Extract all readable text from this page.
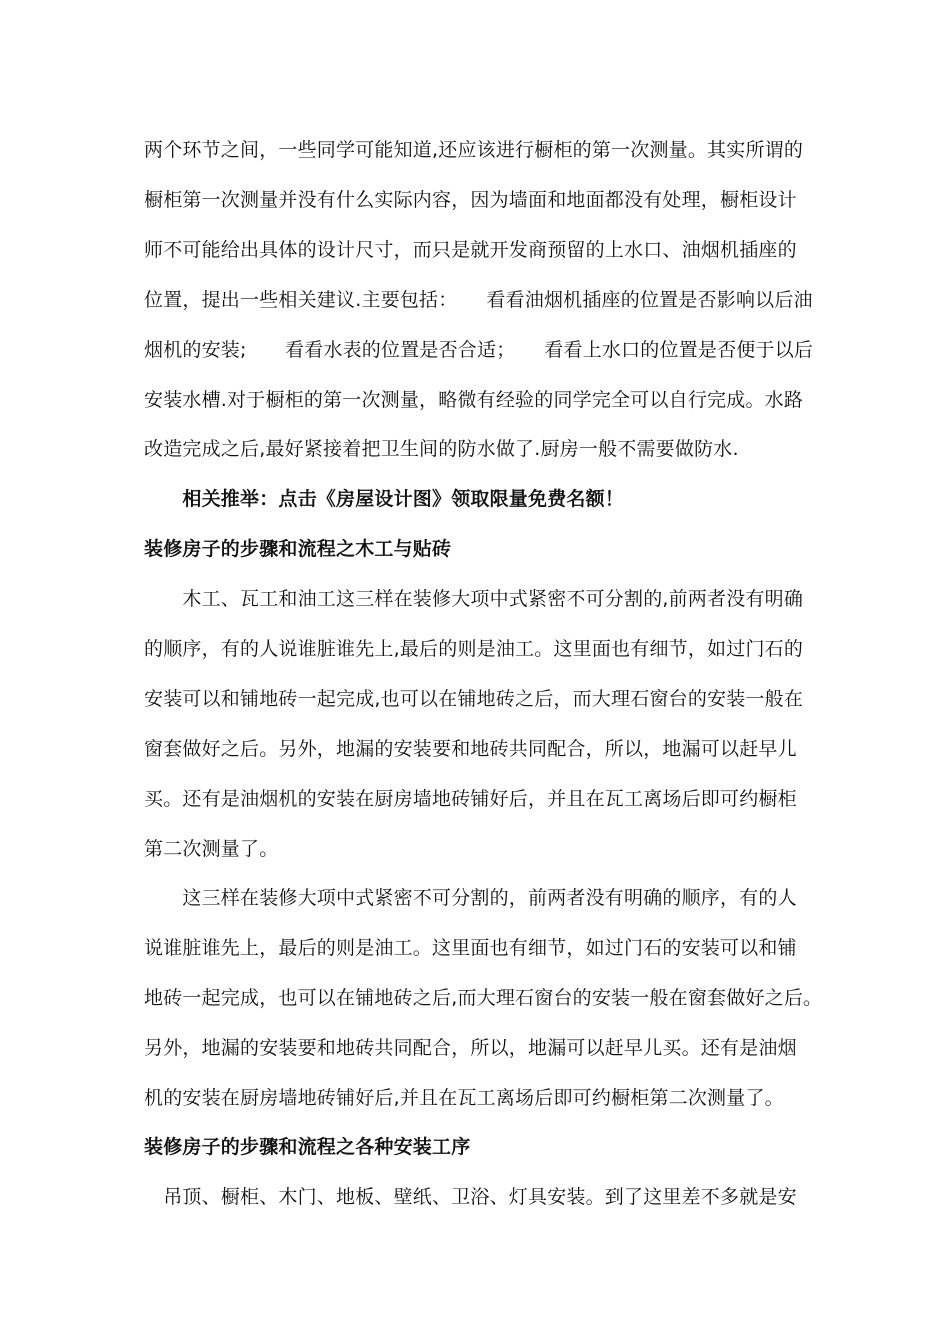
两个环节之间，一些同学可能知道,还应该进行橱柜的第一次测量。其实所谓的
橱柜第一次测量并没有什么实际内容，因为墙面和地面都没有处理，橱柜设计
师不可能给出具体的设计尺寸，而只是就开发商预留的上水口、油烟机插座的
位置，提出一些相关建议.主要包括：　　看看油烟机插座的位置是否影响以后油
烟机的安装;　　看看水表的位置是否合适；　　看看上水口的位置是否便于以后
安装水槽.对于橱柜的第一次测量，略微有经验的同学完全可以自行完成。水路
改造完成之后,最好紧接着把卫生间的防水做了.厨房一般不需要做防水.
　　相关推举：点击《房屋设计图》领取限量免费名额！
装修房子的步骤和流程之木工与贴砖
　　木工、瓦工和油工这三样在装修大项中式紧密不可分割的,前两者没有明确
的顺序，有的人说谁脏谁先上,最后的则是油工。这里面也有细节，如过门石的
安装可以和铺地砖一起完成,也可以在铺地砖之后，而大理石窗台的安装一般在
窗套做好之后。另外，地漏的安装要和地砖共同配合，所以，地漏可以赶早儿
买。还有是油烟机的安装在厨房墙地砖铺好后，并且在瓦工离场后即可约橱柜
第二次测量了。
　　这三样在装修大项中式紧密不可分割的，前两者没有明确的顺序，有的人
说谁脏谁先上，最后的则是油工。这里面也有细节，如过门石的安装可以和铺
地砖一起完成，也可以在铺地砖之后,而大理石窗台的安装一般在窗套做好之后。
另外，地漏的安装要和地砖共同配合，所以，地漏可以赶早儿买。还有是油烟
机的安装在厨房墙地砖铺好后,并且在瓦工离场后即可约橱柜第二次测量了。
装修房子的步骤和流程之各种安装工序
　吊顶、橱柜、木门、地板、壁纸、卫浴、灯具安装。到了这里差不多就是安
